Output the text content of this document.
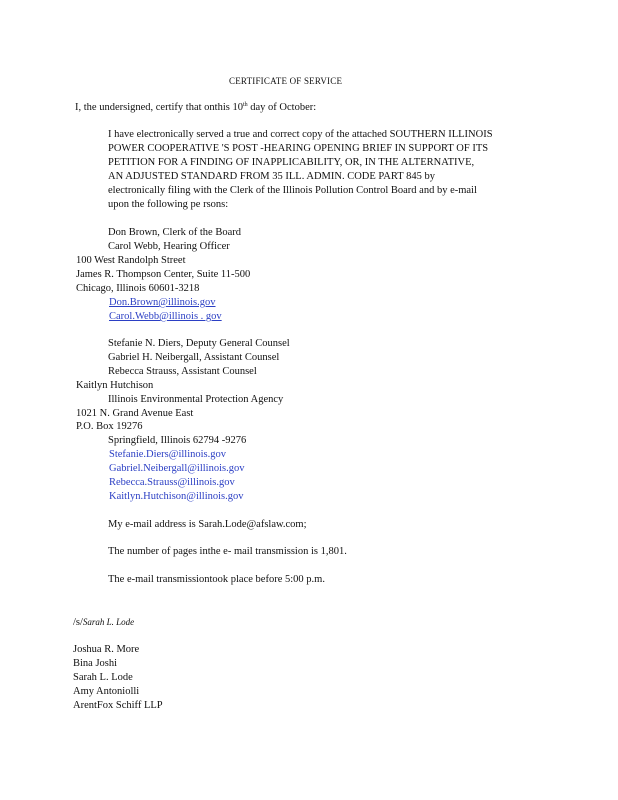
CERTIFICATE OF SERVICE
I, the undersigned, certify that onthis 10th day of October:
I have electronically served a true and correct copy of the attached SOUTHERN ILLINOIS
POWER COOPERATIVE 'S POST -HEARING OPENING BRIEF IN SUPPORT OF ITS
PETITION FOR A FINDING OF INAPPLICABILITY, OR, IN THE ALTERNATIVE,
AN ADJUSTED STANDARD FROM 35 ILL. ADMIN. CODE PART 845 by
electronically filing with the Clerk of the Illinois Pollution Control Board and by e-mail
upon the following pe rsons:
Don Brown, Clerk of the Board
Carol Webb, Hearing Officer
100 West Randolph Street
James R. Thompson Center, Suite 11-500
Chicago, Illinois 60601-3218
Don.Brown@illinois.gov
Carol.Webb@illinois . gov
Stefanie N. Diers, Deputy General Counsel
Gabriel H. Neibergall, Assistant Counsel
Rebecca Strauss, Assistant Counsel
Kaitlyn Hutchison
Illinois Environmental Protection Agency
1021 N. Grand Avenue East
P.O. Box 19276
Springfield, Illinois 62794 -9276
Stefanie.Diers@illinois.gov
Gabriel.Neibergall@illinois.gov
Rebecca.Strauss@illinois.gov
Kaitlyn.Hutchison@illinois.gov
My e-mail address is Sarah.Lode@afslaw.com;
The number of pages inthe e- mail transmission is 1,801.
The e-mail transmissiontook place before 5:00 p.m.
/s/Sarah L. Lode
Joshua R. More
Bina Joshi
Sarah L. Lode
Amy Antoniolli
ArentFox Schiff LLP
